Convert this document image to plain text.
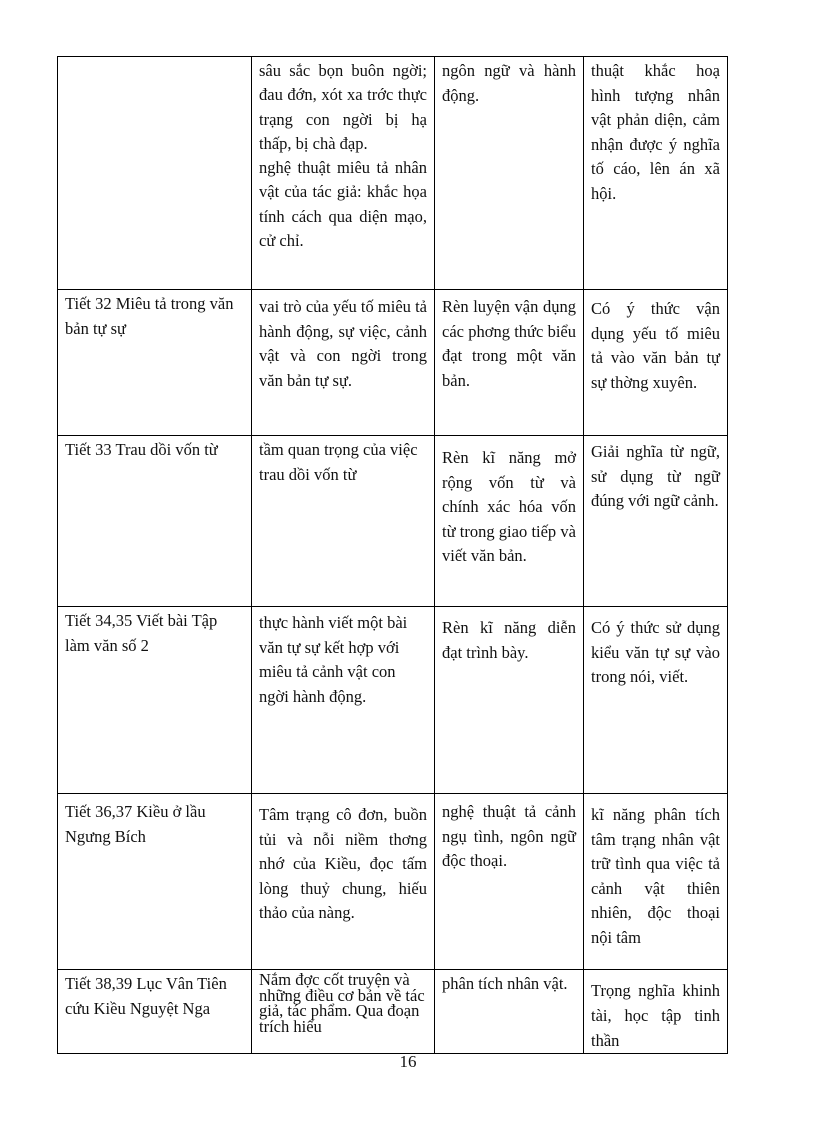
	sâu sắc bọn buôn ngời; đau đớn, xót xa trớc thực trạng con ngời bị hạ thấp, bị chà đạp.
nghệ thuật miêu tả nhân vật của tác giả: khắc họa tính cách qua diện mạo, cử chỉ.	ngôn ngữ và hành động.	thuật khắc hoạ hình tượng nhân vật phản diện, cảm nhận được ý nghĩa tố cáo, lên án xã hội.
Tiết 32 Miêu tả trong văn bản tự sự	vai trò của yếu tố miêu tả hành động, sự việc, cảnh vật và con ngời trong văn bản tự sự.	Rèn luyện vận dụng các phơng thức biểu đạt trong một văn bản.	Có ý thức vận dụng yếu tố miêu tả vào văn bản tự sự thờng xuyên.
Tiết 33 Trau dồi vốn từ	tầm quan trọng của việc trau dồi vốn từ	Rèn kĩ năng mở rộng vốn từ và chính xác hóa vốn từ trong giao tiếp và viết văn bản.	Giải nghĩa từ ngữ, sử dụng từ ngữ đúng với ngữ cảnh.
Tiết 34,35 Viết bài Tập làm văn số 2	thực hành viết một bài văn tự sự kết hợp với miêu tả cảnh vật con ngời hành động.	Rèn kĩ năng diễn đạt trình bày.	Có ý thức sử dụng kiểu văn tự sự vào trong nói, viết.
Tiết 36,37 Kiều ở lầu Ngưng Bích	Tâm trạng cô đơn, buồn tủi và nỗi niềm thơng nhớ của Kiều, đọc tấm lòng thuỷ chung, hiếu thảo của nàng.	nghệ thuật tả cảnh ngụ tình, ngôn ngữ độc thoại.	kĩ năng phân tích tâm trạng nhân vật trữ tình qua việc tả cảnh vật thiên nhiên, độc thoại nội tâm
Tiết 38,39 Lục Vân Tiên cứu Kiều Nguyệt Nga	Nắm đợc cốt truyện và những điều cơ bản về tác giả, tác phẩm. Qua đoạn trích hiểu	phân tích nhân vật.	Trọng nghĩa khinh tài, học tập tinh thần
16
